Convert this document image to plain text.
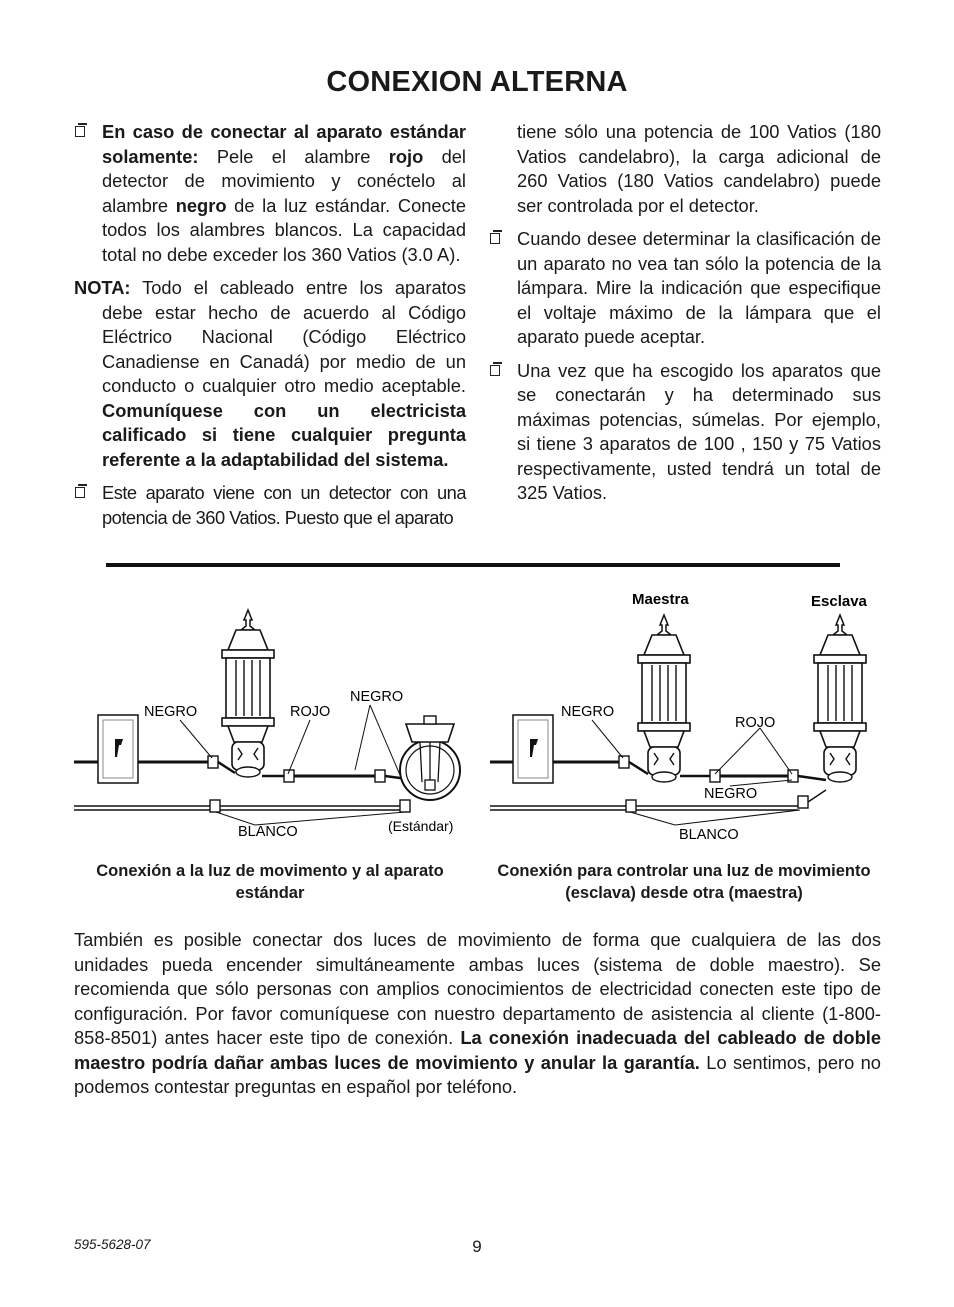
CONEXION ALTERNA
En caso de conectar al aparato estándar solamente: Pele el alambre rojo del detector de movimiento y conéctelo al alambre negro de la luz estándar. Conecte todos los alambres blancos. La capacidad total no debe exceder los 360 Vatios (3.0 A).
NOTA: Todo el cableado entre los aparatos debe estar hecho de acuerdo al Código Eléctrico Nacional (Código Eléctrico Canadiense en Canadá) por medio de un conducto o cualquier otro medio aceptable. Comuníquese con un electricista calificado si tiene cualquier pregunta referente a la adaptabilidad del sistema.
Este aparato viene con un detector con una potencia de 360 Vatios. Puesto que el aparato
tiene sólo una potencia de 100 Vatios (180 Vatios candelabro), la carga adicional de 260 Vatios (180 Vatios candelabro) puede ser controlada por el detector.
Cuando desee determinar la clasificación de un aparato no vea tan sólo la potencia de la lámpara. Mire la indicación que especifique el voltaje máximo de la lámpara que el aparato puede aceptar.
Una vez que ha escogido los aparatos que se conectarán y ha determinado sus máximas potencias, súmelas. Por ejemplo, si tiene 3 aparatos de 100 , 150 y 75 Vatios respectivamente, usted tendrá un total de 325 Vatios.
NEGRO	ROJO
NEGRO
BLANCO	(Estándar)
Maestra	Esclava
NEGRO
ROJO
NEGRO
BLANCO
Conexión a la luz de movimento y al aparato estándar
Conexión para controlar una luz de movimiento (esclava) desde otra (maestra)
También es posible conectar dos luces de movimiento de forma que cualquiera de las dos unidades pueda encender simultáneamente ambas luces (sistema de doble maestro). Se recomienda que sólo personas con amplios conocimientos de electricidad conecten este tipo de configuración. Por favor comuníquese con nuestro departamento de asistencia al cliente (1-800-858-8501) antes hacer este tipo de conexión. La conexión inadecuada del cableado de doble maestro podría dañar ambas luces de movimiento y anular la garantía. Lo sentimos, pero no podemos contestar preguntas en español por teléfono.
595-5628-07	9
